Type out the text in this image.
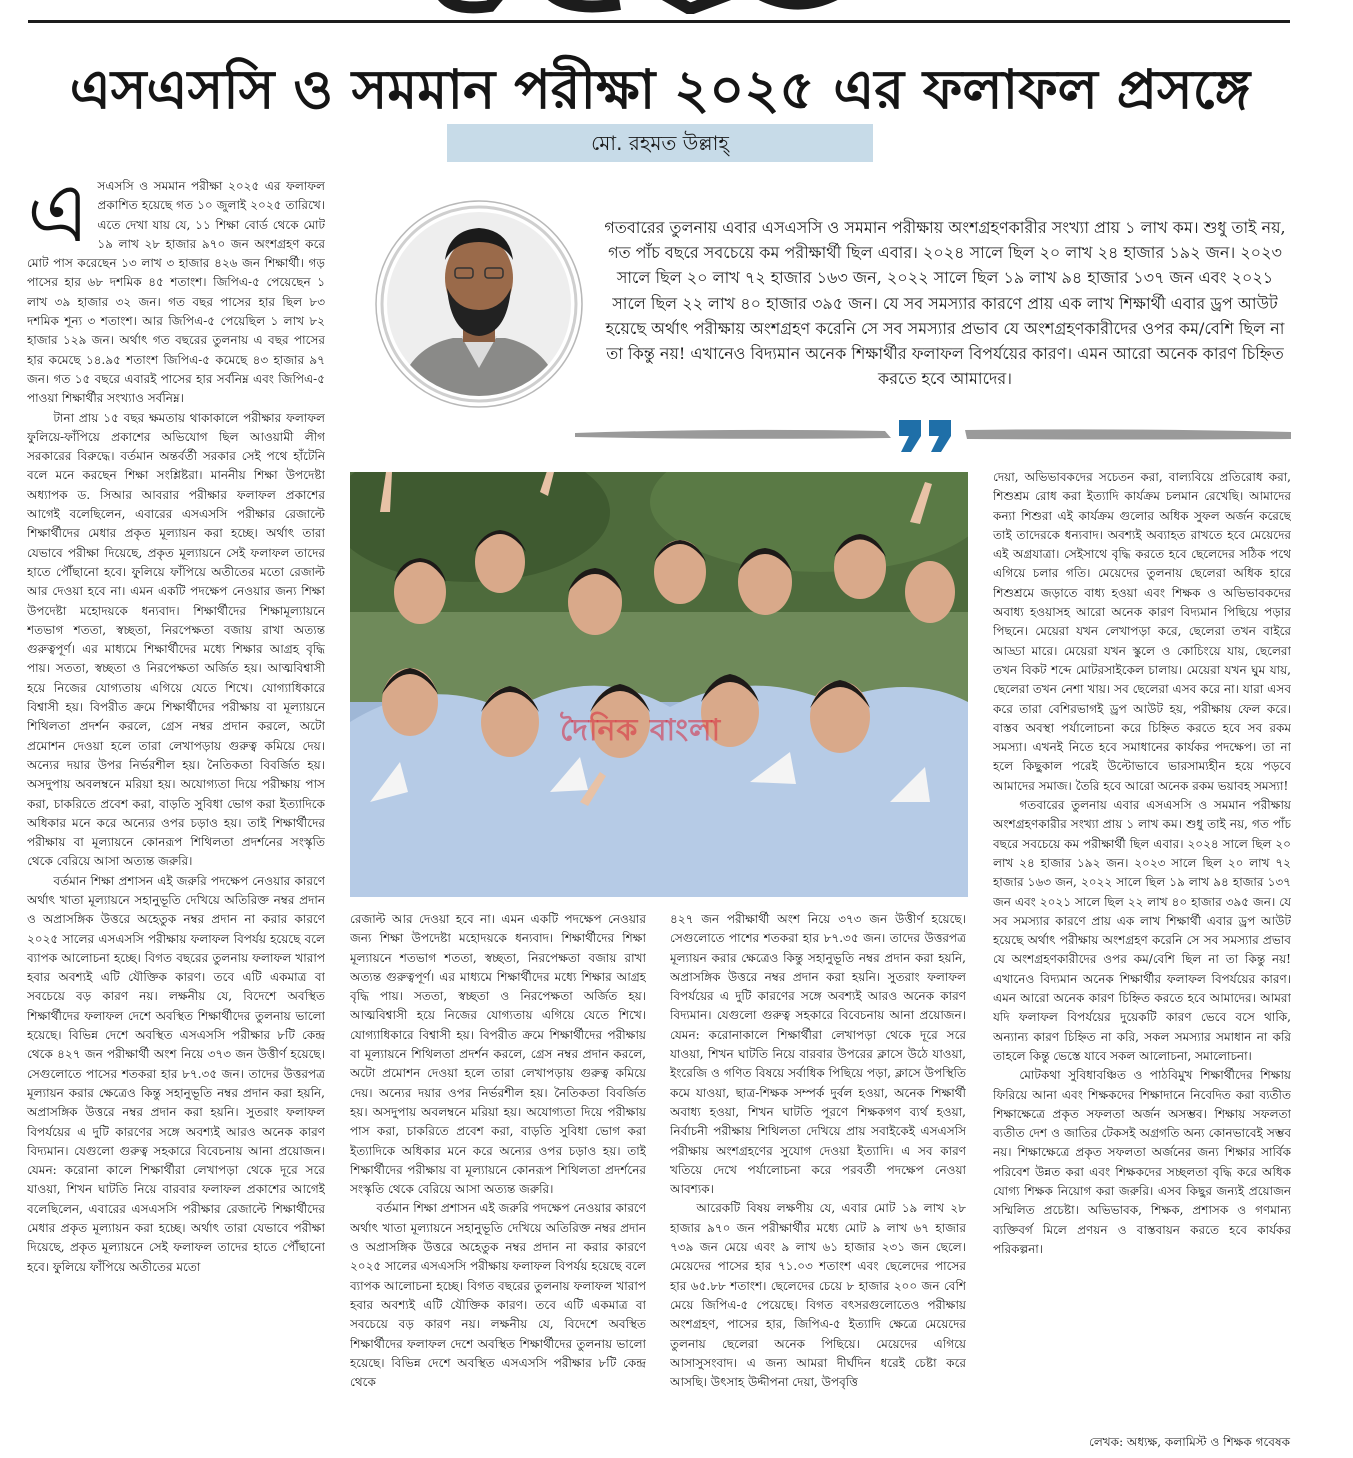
এসএসসি ও সমমান পরীক্ষা ২০২৫ এর ফলাফল প্রসঙ্গে
মো. রহমত উল্লাহ্
এ সএসসি ও সমমান পরীক্ষা ২০২৫ এর ফলাফল প্রকাশিত হয়েছে গত ১০ জুলাই ২০২৫ তারিখে। এতে দেখা যায় যে, ১১ শিক্ষা বোর্ড থেকে মোট ১৯ লাখ ২৮ হাজার ৯৭০ জন অংশগ্রহণ করে মোট পাস করেছেন ১৩ লাখ ৩ হাজার ৪২৬ জন শিক্ষার্থী। গড় পাসের হার ৬৮ দশমিক ৪৫ শতাংশ। জিপিএ-৫ পেয়েছেন ১ লাখ ৩৯ হাজার ৩২ জন। গত বছর পাসের হার ছিল ৮৩ দশমিক শূন্য ৩ শতাংশ। আর জিপিএ-৫ পেয়েছিল ১ লাখ ৮২ হাজার ১২৯ জন। অর্থাৎ গত বছরের তুলনায় এ বছর পাসের হার কমেছে ১৪.৯৫ শতাংশ জিপিএ-৫ কমেছে ৪৩ হাজার ৯৭ জন। গত ১৫ বছরে এবারই পাসের হার সর্বনিম্ন এবং জিপিএ-৫ পাওয়া শিক্ষার্থীর সংখ্যাও সর্বনিম্ন।

টানা প্রায় ১৫ বছর ক্ষমতায় থাকাকালে পরীক্ষার ফলাফল ফুলিয়ে-ফাঁপিয়ে প্রকাশের অভিযোগ ছিল আওয়ামী লীগ সরকারের বিরুদ্ধে। বর্তমান অন্তর্বর্তী সরকার সেই পথে হাঁটেনি বলে মনে করছেন শিক্ষা সংশ্লিষ্টরা। মাননীয় শিক্ষা উপদেষ্টা অধ্যাপক ড. সিআর আবরার পরীক্ষার ফলাফল প্রকাশের আগেই বলেছিলেন, এবারের এসএসসি পরীক্ষার রেজাল্টে শিক্ষার্থীদের মেধার প্রকৃত মূল্যায়ন করা হচ্ছে। অর্থাৎ তারা যেভাবে পরীক্ষা দিয়েছে, প্রকৃত মূল্যায়নে সেই ফলাফল তাদের হাতে পৌঁছানো হবে। ফুলিয়ে ফাঁপিয়ে অতীতের মতো রেজাল্ট আর দেওয়া হবে না। এমন একটি পদক্ষেপ নেওয়ার জন্য শিক্ষা উপদেষ্টা মহোদয়কে ধন্যবাদ। শিক্ষার্থীদের শিক্ষামূল্যায়নে শতভাগ শততা, স্বচ্ছতা, নিরপেক্ষতা বজায় রাখা অত্যন্ত গুরুত্বপূর্ণ। এর মাধ্যমে শিক্ষার্থীদের মধ্যে শিক্ষার আগ্রহ বৃদ্ধি পায়। সততা, স্বচ্ছতা ও নিরপেক্ষতা অর্জিত হয়। আত্মবিশ্বাসী হয়ে নিজের যোগ্যতায় এগিয়ে যেতে শিখে। যোগ্যাধিকারে বিশ্বাসী হয়। বিপরীত ক্রমে শিক্ষার্থীদের পরীক্ষায় বা মূল্যায়নে শিথিলতা প্রদর্শন করলে, গ্রেস নম্বর প্রদান করলে, অটো প্রমোশন দেওয়া হলে তারা লেখাপড়ায় গুরুত্ব কমিয়ে দেয়। অন্যের দয়ার উপর নির্ভরশীল হয়। নৈতিকতা বিবর্জিত হয়। অসদুপায় অবলম্বনে মরিয়া হয়। অযোগ্যতা দিয়ে পরীক্ষায় পাস করা, চাকরিতে প্রবেশ করা, বাড়তি সুবিধা ভোগ করা ইত্যাদিকে অধিকার মনে করে অন্যের ওপর চড়াও হয়। তাই শিক্ষার্থীদের পরীক্ষায় বা মূল্যায়নে কোনরূপ শিথিলতা প্রদর্শনের সংস্কৃতি থেকে বেরিয়ে আসা অত্যন্ত জরুরি।

বর্তমান শিক্ষা প্রশাসন এই জরুরি পদক্ষেপ নেওয়ার কারণে অর্থাৎ খাতা মূল্যায়নে সহানুভূতি দেখিয়ে অতিরিক্ত নম্বর প্রদান ও অপ্রাসঙ্গিক উত্তরে অহেতুক নম্বর প্রদান না করার কারণে ২০২৫ সালের এসএসসি পরীক্ষায় ফলাফল বিপর্যয় হয়েছে বলে ব্যাপক আলোচনা হচ্ছে। বিগত বছরের তুলনায় ফলাফল খারাপ হবার অবশ্যই এটি যৌক্তিক কারণ। তবে এটি একমাত্র বা সবচেয়ে বড় কারণ নয়। লক্ষনীয় যে, বিদেশে অবস্থিত শিক্ষার্থীদের ফলাফল দেশে অবস্থিত শিক্ষার্থীদের তুলনায় ভালো হয়েছে। বিভিন্ন দেশে অবস্থিত এসএসসি পরীক্ষার ৮টি কেন্দ্র থেকে ৪২৭ জন পরীক্ষার্থী অংশ নিয়ে ৩৭৩ জন উত্তীর্ণ হয়েছে। সেগুলোতে পাসের শতকরা হার ৮৭.৩৫ জন। তাদের উত্তরপত্র মূল্যায়ন করার ক্ষেত্রেও কিন্তু সহানুভূতি নম্বর প্রদান করা হয়নি, অপ্রাসঙ্গিক উত্তরে নম্বর প্রদান করা হয়নি। সুতরাং ফলাফল বিপর্যয়ের এ দুটি কারণের সঙ্গে অবশ্যই আরও অনেক কারণ বিদ্যমান। যেগুলো গুরুত্ব সহকারে বিবেচনায় আনা প্রয়োজন। যেমন: করোনা কালে শিক্ষার্থীরা লেখাপড়া থেকে দূরে সরে যাওয়া, শিখন ঘাটতি নিয়ে বারবার ফলাফল প্রকাশের আগেই বলেছিলেন, এবারের এসএসসি পরীক্ষার রেজাল্টে শিক্ষার্থীদের মেধার প্রকৃত মূল্যায়ন করা হচ্ছে। অর্থাৎ তারা যেভাবে পরীক্ষা দিয়েছে, প্রকৃত মূল্যায়নে সেই ফলাফল তাদের হাতে পৌঁছানো হবে। ফুলিয়ে ফাঁপিয়ে অতীতের মতো

গতবারের তুলনায় এবার এসএসসি ও সমমান পরীক্ষায় অংশগ্রহণকারীর সংখ্যা প্রায় ১ লাখ কম। শুধু তাই নয়, গত পাঁচ বছরে সবচেয়ে কম পরীক্ষার্থী ছিল এবার। ২০২৪ সালে ছিল ২০ লাখ ২৪ হাজার ১৯২ জন। ২০২৩ সালে ছিল ২০ লাখ ৭২ হাজার ১৬৩ জন, ২০২২ সালে ছিল ১৯ লাখ ৯৪ হাজার ১৩৭ জন এবং ২০২১ সালে ছিল ২২ লাখ ৪০ হাজার ৩৯৫ জন। যে সব সমস্যার কারণে প্রায় এক লাখ শিক্ষার্থী এবার ড্রপ আউট হয়েছে অর্থাৎ পরীক্ষায় অংশগ্রহণ করেনি সে সব সমস্যার প্রভাব যে অংশগ্রহণকারীদের ওপর কম/বেশি ছিল না তা কিন্তু নয়! এখানেও বিদ্যমান অনেক শিক্ষার্থীর ফলাফল বিপর্যয়ের কারণ। এমন আরো অনেক কারণ চিহ্নিত করতে হবে আমাদের।
দৈনিক বাংলা

রেজাল্ট আর দেওয়া হবে না। এমন একটি পদক্ষেপ নেওয়ার জন্য শিক্ষা উপদেষ্টা মহোদয়কে ধন্যবাদ। শিক্ষার্থীদের শিক্ষা মূল্যায়নে শতভাগ শততা, স্বচ্ছতা, নিরপেক্ষতা বজায় রাখা অত্যন্ত গুরুত্বপূর্ণ। এর মাধ্যমে শিক্ষার্থীদের মধ্যে শিক্ষার আগ্রহ বৃদ্ধি পায়। সততা, স্বচ্ছতা ও নিরপেক্ষতা অর্জিত হয়। আত্মবিশ্বাসী হয়ে নিজের যোগ্যতায় এগিয়ে যেতে শিখে। যোগ্যাধিকারে বিশ্বাসী হয়। বিপরীত ক্রমে শিক্ষার্থীদের পরীক্ষায় বা মূল্যায়নে শিথিলতা প্রদর্শন করলে, গ্রেস নম্বর প্রদান করলে, অটো প্রমোশন দেওয়া হলে তারা লেখাপড়ায় গুরুত্ব কমিয়ে দেয়। অন্যের দয়ার ওপর নির্ভরশীল হয়। নৈতিকতা বিবর্জিত হয়। অসদুপায় অবলম্বনে মরিয়া হয়। অযোগ্যতা দিয়ে পরীক্ষায় পাস করা, চাকরিতে প্রবেশ করা, বাড়তি সুবিধা ভোগ করা ইত্যাদিকে অধিকার মনে করে অন্যের ওপর চড়াও হয়। তাই শিক্ষার্থীদের পরীক্ষায় বা মূল্যায়নে কোনরূপ শিথিলতা প্রদর্শনের সংস্কৃতি থেকে বেরিয়ে আসা অত্যন্ত জরুরি।

বর্তমান শিক্ষা প্রশাসন এই জরুরি পদক্ষেপ নেওয়ার কারণে অর্থাৎ খাতা মূল্যায়নে সহানুভূতি দেখিয়ে অতিরিক্ত নম্বর প্রদান ও অপ্রাসঙ্গিক উত্তরে অহেতুক নম্বর প্রদান না করার কারণে ২০২৫ সালের এসএসসি পরীক্ষায় ফলাফল বিপর্যয় হয়েছে বলে ব্যাপক আলোচনা হচ্ছে। বিগত বছরের তুলনায় ফলাফল খারাপ হবার অবশ্যই এটি যৌক্তিক কারণ। তবে এটি একমাত্র বা সবচেয়ে বড় কারণ নয়। লক্ষনীয় যে, বিদেশে অবস্থিত শিক্ষার্থীদের ফলাফল দেশে অবস্থিত শিক্ষার্থীদের তুলনায় ভালো হয়েছে। বিভিন্ন দেশে অবস্থিত এসএসসি পরীক্ষার ৮টি কেন্দ্র থেকে

৪২৭ জন পরীক্ষার্থী অংশ নিয়ে ৩৭৩ জন উত্তীর্ণ হয়েছে। সেগুলোতে পাশের শতকরা হার ৮৭.৩৫ জন। তাদের উত্তরপত্র মূল্যায়ন করার ক্ষেত্রেও কিন্তু সহানুভূতি নম্বর প্রদান করা হয়নি, অপ্রাসঙ্গিক উত্তরে নম্বর প্রদান করা হয়নি। সুতরাং ফলাফল বিপর্যয়ের এ দুটি কারণের সঙ্গে অবশ্যই আরও অনেক কারণ বিদ্যমান। যেগুলো গুরুত্ব সহকারে বিবেচনায় আনা প্রয়োজন। যেমন: করোনাকালে শিক্ষার্থীরা লেখাপড়া থেকে দূরে সরে যাওয়া, শিখন ঘাটতি নিয়ে বারবার উপরের ক্লাসে উঠে যাওয়া, ইংরেজি ও গণিত বিষয়ে সর্বাধিক পিছিয়ে পড়া, ক্লাসে উপস্থিতি কমে যাওয়া, ছাত্র-শিক্ষক সম্পর্ক দুর্বল হওয়া, অনেক শিক্ষার্থী অবাধ্য হওয়া, শিখন ঘাটতি পূরণে শিক্ষকগণ ব্যর্থ হওয়া, নির্বাচনী পরীক্ষায় শিথিলতা দেখিয়ে প্রায় সবাইকেই এসএসসি পরীক্ষায় অংশগ্রহণের সুযোগ দেওয়া ইত্যাদি। এ সব কারণ খতিয়ে দেখে পর্যালোচনা করে পরবর্তী পদক্ষেপ নেওয়া আবশ্যক।

আরেকটি বিষয় লক্ষণীয় যে, এবার মোট ১৯ লাখ ২৮ হাজার ৯৭০ জন পরীক্ষার্থীর মধ্যে মোট ৯ লাখ ৬৭ হাজার ৭৩৯ জন মেয়ে এবং ৯ লাখ ৬১ হাজার ২৩১ জন ছেলে। মেয়েদের পাসের হার ৭১.০৩ শতাংশ এবং ছেলেদের পাসের হার ৬৫.৮৮ শতাংশ। ছেলেদের চেয়ে ৮ হাজার ২০০ জন বেশি মেয়ে জিপিএ-৫ পেয়েছে। বিগত বৎসরগুলোতেও পরীক্ষায় অংশগ্রহণ, পাসের হার, জিপিএ-৫ ইত্যাদি ক্ষেত্রে মেয়েদের তুলনায় ছেলেরা অনেক পিছিয়ে। মেয়েদের এগিয়ে আসাসুসংবাদ। এ জন্য আমরা দীর্ঘদিন ধরেই চেষ্টা করে আসছি। উৎসাহ উদ্দীপনা দেয়া, উপবৃত্তি

দেয়া, অভিভাবকদের সচেতন করা, বাল্যবিয়ে প্রতিরোধ করা, শিশুশ্রম রোধ করা ইত্যাদি কার্যক্রম চলমান রেখেছি। আমাদের কন্যা শিশুরা এই কার্যক্রম গুলোর অধিক সুফল অর্জন করেছে তাই তাদেরকে ধন্যবাদ। অবশ্যই অব্যাহত রাখতে হবে মেয়েদের এই অগ্রযাত্রা। সেইসাথে বৃদ্ধি করতে হবে ছেলেদের সঠিক পথে এগিয়ে চলার গতি। মেয়েদের তুলনায় ছেলেরা অধিক হারে শিশুশ্রমে জড়াতে বাধ্য হওয়া এবং শিক্ষক ও অভিভাবকদের অবাধ্য হওয়াসহ আরো অনেক কারণ বিদ্যমান পিছিয়ে পড়ার পিছনে। মেয়েরা যখন লেখাপড়া করে, ছেলেরা তখন বাইরে আড্ডা মারে। মেয়েরা যখন স্কুলে ও কোচিংয়ে যায়, ছেলেরা তখন বিকট শব্দে মোটরসাইকেল চালায়। মেয়েরা যখন ঘুম যায়, ছেলেরা তখন নেশা খায়। সব ছেলেরা এসব করে না। যারা এসব করে তারা বেশিরভাগই ড্রপ আউট হয়, পরীক্ষায় ফেল করে। বাস্তব অবস্থা পর্যালোচনা করে চিহ্নিত করতে হবে সব রকম সমস্যা। এখনই নিতে হবে সমাধানের কার্যকর পদক্ষেপ। তা না হলে কিছুকাল পরেই উল্টোভাবে ভারসাম্যহীন হয়ে পড়বে আমাদের সমাজ। তৈরি হবে আরো অনেক রকম ভয়াবহ সমস্যা!

গতবারের তুলনায় এবার এসএসসি ও সমমান পরীক্ষায় অংশগ্রহণকারীর সংখ্যা প্রায় ১ লাখ কম। শুধু তাই নয়, গত পাঁচ বছরে সবচেয়ে কম পরীক্ষার্থী ছিল এবার। ২০২৪ সালে ছিল ২০ লাখ ২৪ হাজার ১৯২ জন। ২০২৩ সালে ছিল ২০ লাখ ৭২ হাজার ১৬৩ জন, ২০২২ সালে ছিল ১৯ লাখ ৯৪ হাজার ১৩৭ জন এবং ২০২১ সালে ছিল ২২ লাখ ৪০ হাজার ৩৯৫ জন। যে সব সমস্যার কারণে প্রায় এক লাখ শিক্ষার্থী এবার ড্রপ আউট হয়েছে অর্থাৎ পরীক্ষায় অংশগ্রহণ করেনি সে সব সমস্যার প্রভাব যে অংশগ্রহণকারীদের ওপর কম/বেশি ছিল না তা কিন্তু নয়! এখানেও বিদ্যমান অনেক শিক্ষার্থীর ফলাফল বিপর্যয়ের কারণ। এমন আরো অনেক কারণ চিহ্নিত করতে হবে আমাদের। আমরা যদি ফলাফল বিপর্যয়ের দুয়েকটি কারণ ভেবে বসে থাকি, অন্যান্য কারণ চিহ্নিত না করি, সকল সমস্যার সমাধান না করি তাহলে কিন্তু ভেস্তে যাবে সকল আলোচনা, সমালোচনা।

মোটকথা সুবিধাবঞ্চিত ও পাঠবিমুখ শিক্ষার্থীদের শিক্ষায় ফিরিয়ে আনা এবং শিক্ষকদের শিক্ষাদানে নিবেদিত করা ব্যতীত শিক্ষাক্ষেত্রে প্রকৃত সফলতা অর্জন অসম্ভব। শিক্ষায় সফলতা ব্যতীত দেশ ও জাতির টেকসই অগ্রগতি অন্য কোনভাবেই সম্ভব নয়। শিক্ষাক্ষেত্রে প্রকৃত সফলতা অর্জনের জন্য শিক্ষার সার্বিক পরিবেশ উন্নত করা এবং শিক্ষকদের সচ্ছলতা বৃদ্ধি করে অধিক যোগ্য শিক্ষক নিয়োগ করা জরুরি। এসব কিছুর জন্যই প্রয়োজন সম্মিলিত প্রচেষ্টা। অভিভাবক, শিক্ষক, প্রশাসক ও গণমান্য ব্যক্তিবর্গ মিলে প্রণয়ন ও বাস্তবায়ন করতে হবে কার্যকর পরিকল্পনা।

লেখক: অধ্যক্ষ, কলামিস্ট ও শিক্ষক গবেষক
